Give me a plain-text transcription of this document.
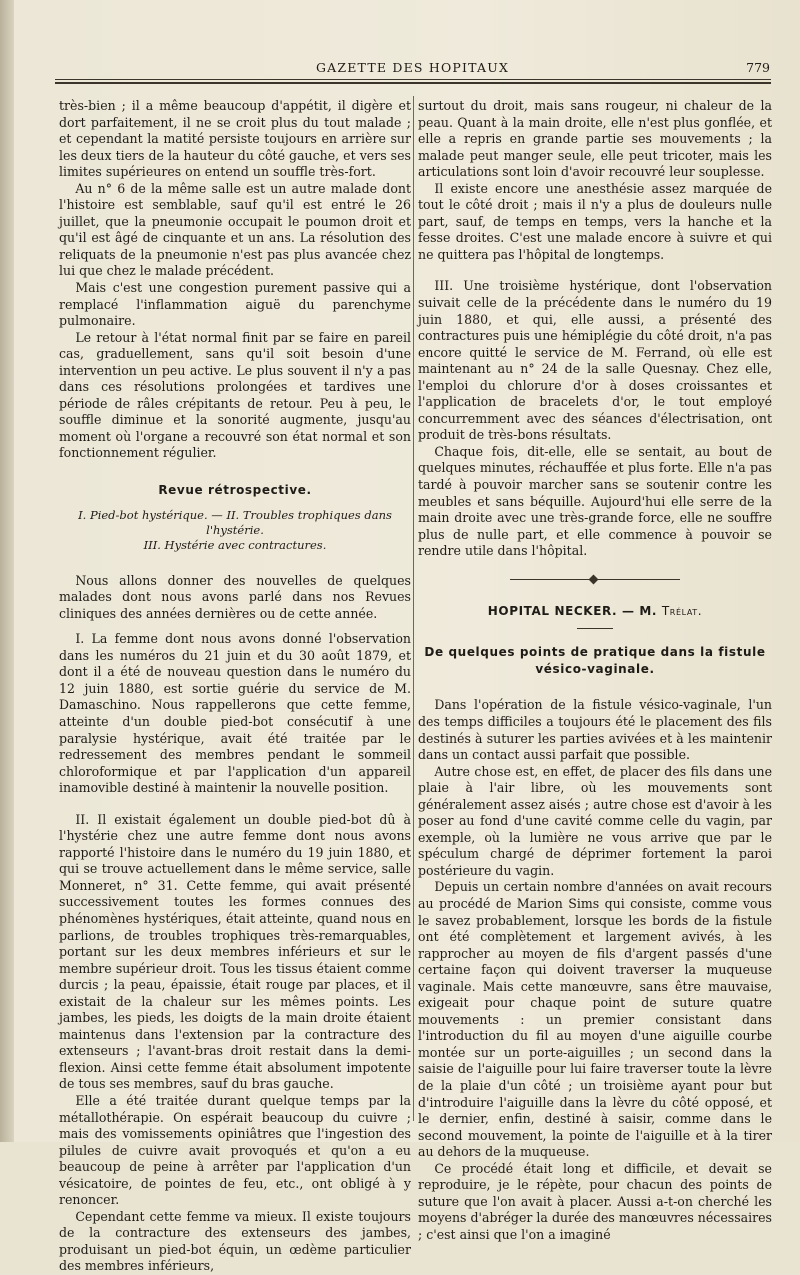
GAZETTE DES HOPITAUX	779

très-bien ; il a même beaucoup d'appétit, il digère et dort parfaitement, il ne se croit plus du tout malade ; et cependant la matité persiste toujours en arrière sur les deux tiers de la hauteur du côté gauche, et vers ses limites supérieures on entend un souffle très-fort.

Au n° 6 de la même salle est un autre malade dont l'histoire est semblable, sauf qu'il est entré le 26 juillet, que la pneumonie occupait le poumon droit et qu'il est âgé de cinquante et un ans. La résolution des reliquats de la pneumonie n'est pas plus avancée chez lui que chez le malade précédent.

Mais c'est une congestion purement passive qui a remplacé l'inflammation aiguë du parenchyme pulmonaire.

Le retour à l'état normal finit par se faire en pareil cas, graduellement, sans qu'il soit besoin d'une intervention un peu active. Le plus souvent il n'y a pas dans ces résolutions prolongées et tardives une période de râles crépitants de retour. Peu à peu, le souffle diminue et la sonorité augmente, jusqu'au moment où l'organe a recouvré son état normal et son fonctionnement régulier.

Revue rétrospective.
I. Pied-bot hystérique. — II. Troubles trophiques dans l'hystérie.
III. Hystérie avec contractures.

Nous allons donner des nouvelles de quelques malades dont nous avons parlé dans nos Revues cliniques des années dernières ou de cette année.

I. La femme dont nous avons donné l'observation dans les numéros du 21 juin et du 30 août 1879, et dont il a été de nouveau question dans le numéro du 12 juin 1880, est sortie guérie du service de M. Damaschino. Nous rappellerons que cette femme, atteinte d'un double pied-bot consécutif à une paralysie hystérique, avait été traitée par le redressement des membres pendant le sommeil chloroformique et par l'application d'un appareil inamovible destiné à maintenir la nouvelle position.

II. Il existait également un double pied-bot dû à l'hystérie chez une autre femme dont nous avons rapporté l'histoire dans le numéro du 19 juin 1880, et qui se trouve actuellement dans le même service, salle Monneret, n° 31. Cette femme, qui avait présenté successivement toutes les formes connues des phénomènes hystériques, était atteinte, quand nous en parlions, de troubles trophiques très-remarquables, portant sur les deux membres inférieurs et sur le membre supérieur droit. Tous les tissus étaient comme durcis ; la peau, épaissie, était rouge par places, et il existait de la chaleur sur les mêmes points. Les jambes, les pieds, les doigts de la main droite étaient maintenus dans l'extension par la contracture des extenseurs ; l'avant-bras droit restait dans la demi-flexion. Ainsi cette femme était absolument impotente de tous ses membres, sauf du bras gauche.

Elle a été traitée durant quelque temps par la métallothérapie. On espérait beaucoup du cuivre ; mais des vomissements opiniâtres que l'ingestion des pilules de cuivre avait provoqués et qu'on a eu beaucoup de peine à arrêter par l'application d'un vésicatoire, de pointes de feu, etc., ont obligé à y renoncer.

Cependant cette femme va mieux. Il existe toujours de la contracture des extenseurs des jambes, produisant un pied-bot équin, un œdème particulier des membres inférieurs,

surtout du droit, mais sans rougeur, ni chaleur de la peau. Quant à la main droite, elle n'est plus gonflée, et elle a repris en grande partie ses mouvements ; la malade peut manger seule, elle peut tricoter, mais les articulations sont loin d'avoir recouvré leur souplesse.

Il existe encore une anesthésie assez marquée de tout le côté droit ; mais il n'y a plus de douleurs nulle part, sauf, de temps en temps, vers la hanche et la fesse droites. C'est une malade encore à suivre et qui ne quittera pas l'hôpital de longtemps.

III. Une troisième hystérique, dont l'observation suivait celle de la précédente dans le numéro du 19 juin 1880, et qui, elle aussi, a présenté des contractures puis une hémiplégie du côté droit, n'a pas encore quitté le service de M. Ferrand, où elle est maintenant au n° 24 de la salle Quesnay. Chez elle, l'emploi du chlorure d'or à doses croissantes et l'application de bracelets d'or, le tout employé concurremment avec des séances d'électrisation, ont produit de très-bons résultats.

Chaque fois, dit-elle, elle se sentait, au bout de quelques minutes, réchauffée et plus forte. Elle n'a pas tardé à pouvoir marcher sans se soutenir contre les meubles et sans béquille. Aujourd'hui elle serre de la main droite avec une très-grande force, elle ne souffre plus de nulle part, et elle commence à pouvoir se rendre utile dans l'hôpital.

HOPITAL NECKER. — M. Trélat.
De quelques points de pratique dans la fistule
vésico-vaginale.

Dans l'opération de la fistule vésico-vaginale, l'un des temps difficiles a toujours été le placement des fils destinés à suturer les parties avivées et à les maintenir dans un contact aussi parfait que possible.

Autre chose est, en effet, de placer des fils dans une plaie à l'air libre, où les mouvements sont généralement assez aisés ; autre chose est d'avoir à les poser au fond d'une cavité comme celle du vagin, par exemple, où la lumière ne vous arrive que par le spéculum chargé de déprimer fortement la paroi postérieure du vagin.

Depuis un certain nombre d'années on avait recours au procédé de Marion Sims qui consiste, comme vous le savez probablement, lorsque les bords de la fistule ont été complètement et largement avivés, à les rapprocher au moyen de fils d'argent passés d'une certaine façon qui doivent traverser la muqueuse vaginale. Mais cette manœuvre, sans être mauvaise, exigeait pour chaque point de suture quatre mouvements : un premier consistant dans l'introduction du fil au moyen d'une aiguille courbe montée sur un porte-aiguilles ; un second dans la saisie de l'aiguille pour lui faire traverser toute la lèvre de la plaie d'un côté ; un troisième ayant pour but d'introduire l'aiguille dans la lèvre du côté opposé, et le dernier, enfin, destiné à saisir, comme dans le second mouvement, la pointe de l'aiguille et à la tirer au dehors de la muqueuse.

Ce procédé était long et difficile, et devait se reproduire, je le répète, pour chacun des points de suture que l'on avait à placer. Aussi a-t-on cherché les moyens d'abréger la durée des manœuvres nécessaires ; c'est ainsi que l'on a imaginé
